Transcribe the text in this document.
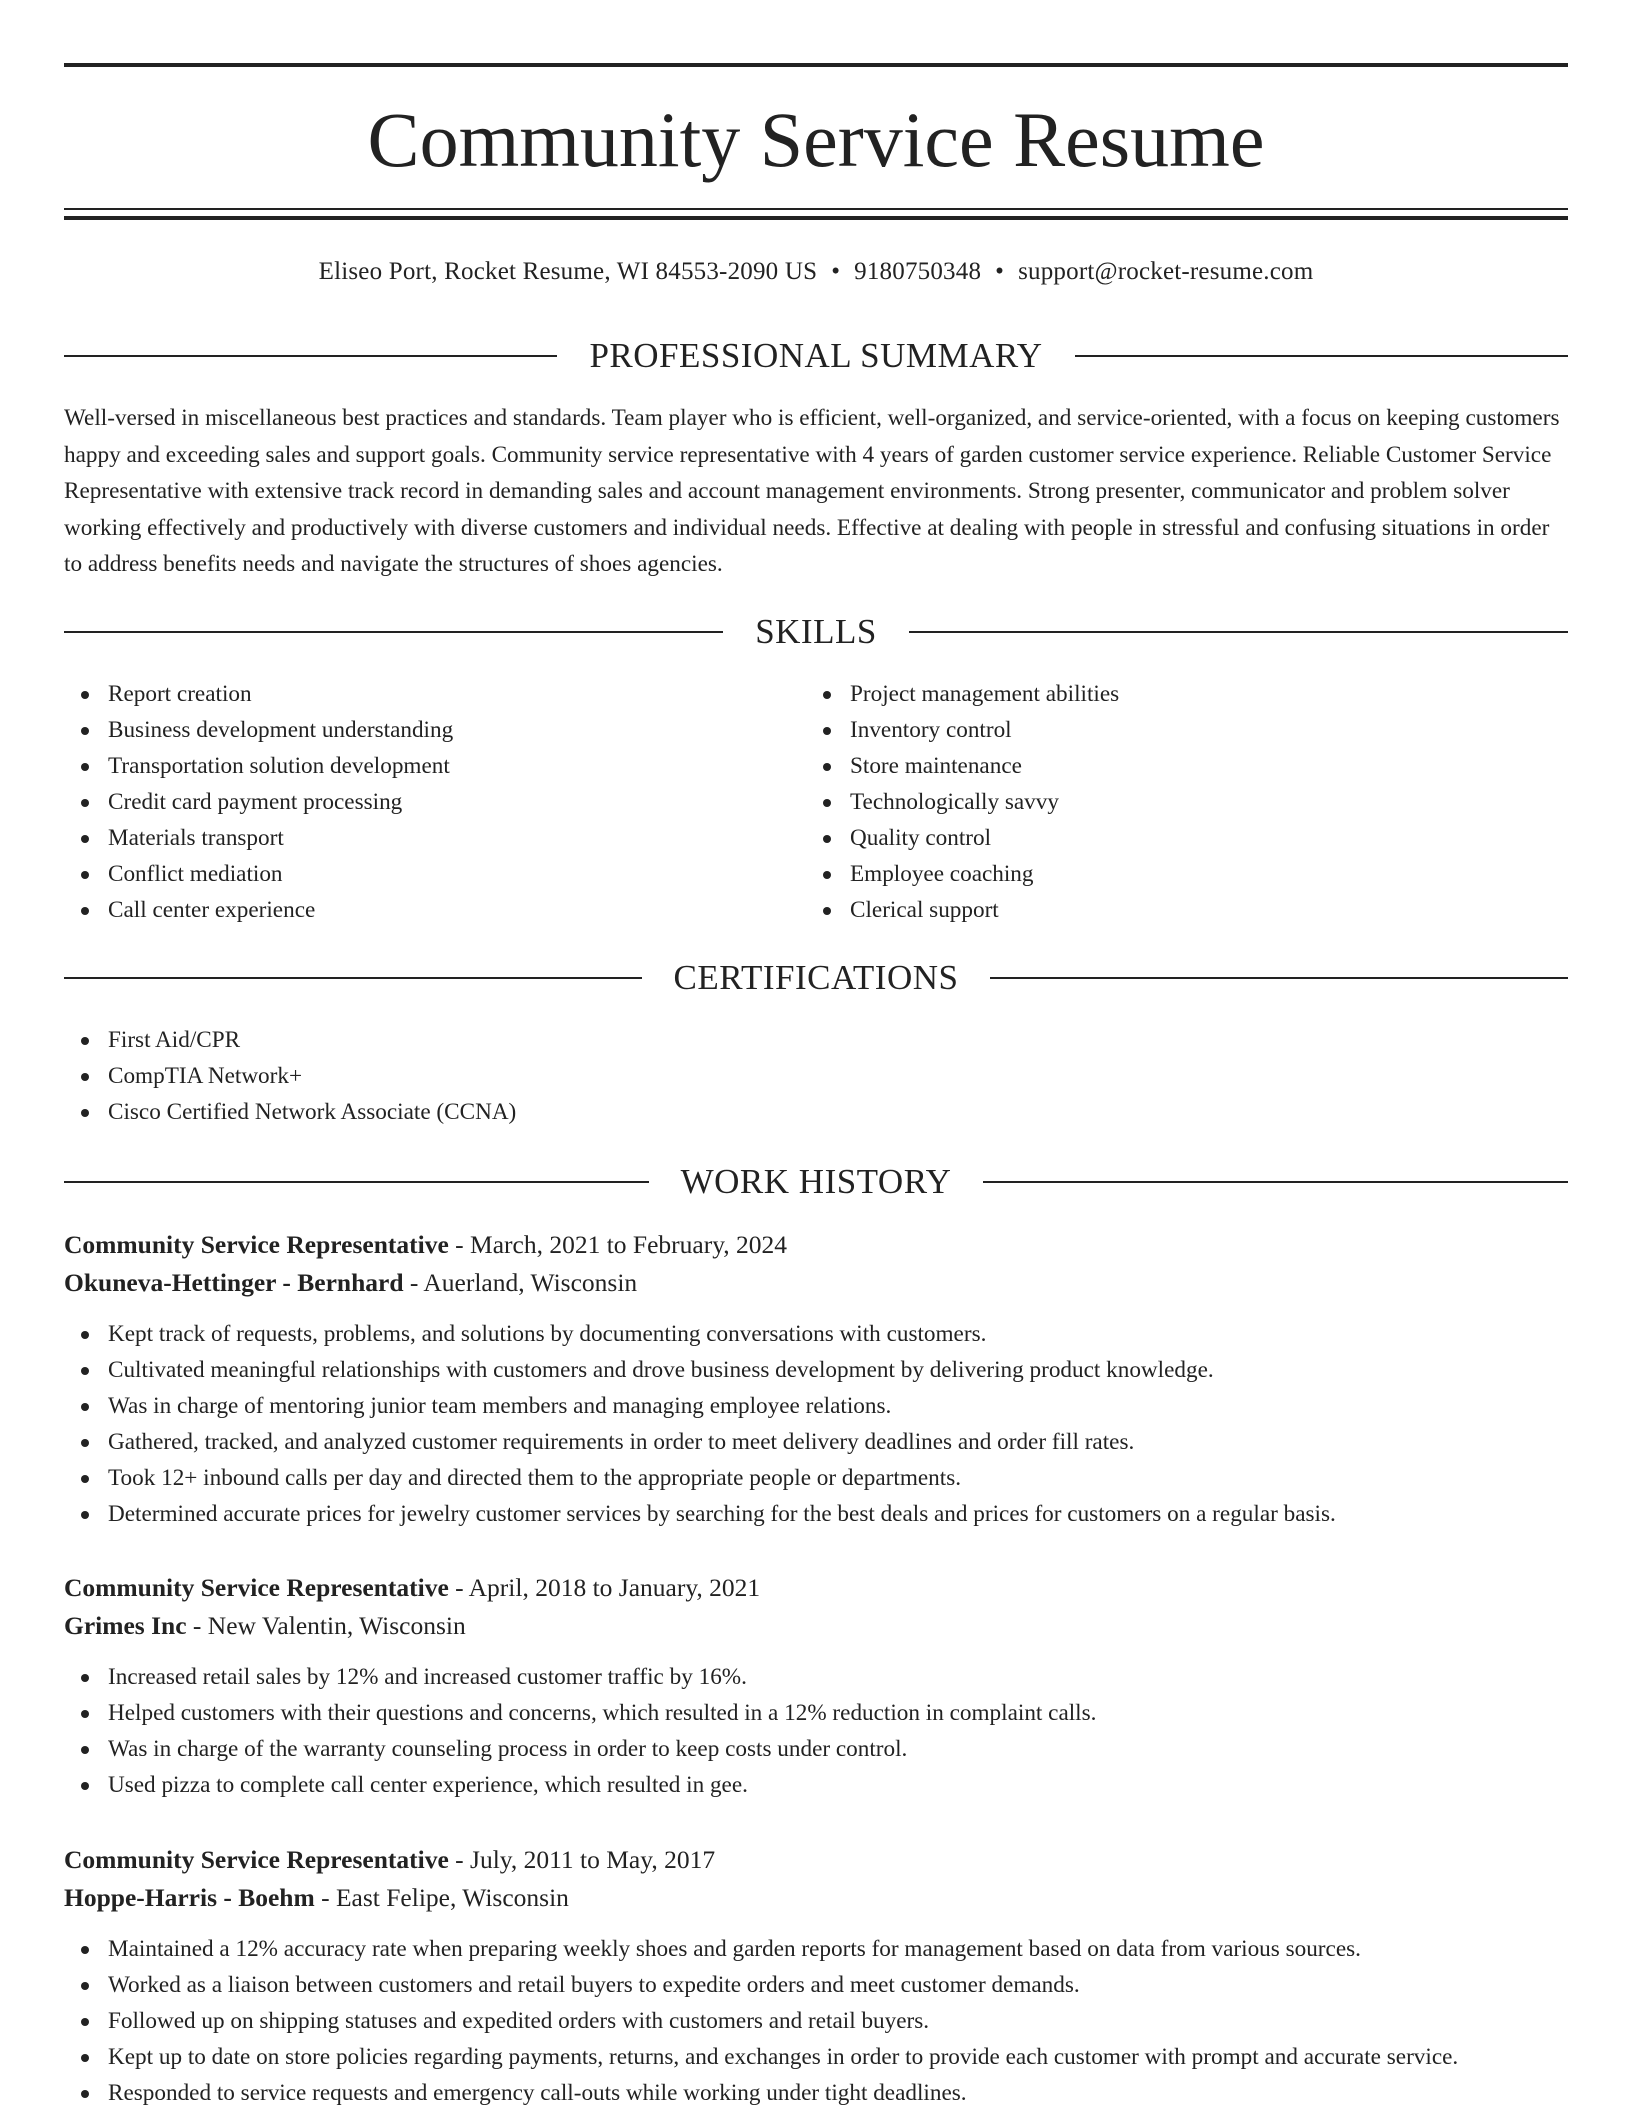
Community Service Resume
Eliseo Port, Rocket Resume, WI 84553-2090 US • 9180750348 • support@rocket-resume.com
PROFESSIONAL SUMMARY

Well-versed in miscellaneous best practices and standards. Team player who is efficient, well-organized, and service-oriented, with a focus on keeping customers happy and exceeding sales and support goals. Community service representative with 4 years of garden customer service experience. Reliable Customer Service Representative with extensive track record in demanding sales and account management environments. Strong presenter, communicator and problem solver working effectively and productively with diverse customers and individual needs. Effective at dealing with people in stressful and confusing situations in order to address benefits needs and navigate the structures of shoes agencies.

SKILLS
Report creation
Business development understanding
Transportation solution development
Credit card payment processing
Materials transport
Conflict mediation
Call center experience
Project management abilities
Inventory control
Store maintenance
Technologically savvy
Quality control
Employee coaching
Clerical support
CERTIFICATIONS
First Aid/CPR
CompTIA Network+
Cisco Certified Network Associate (CCNA)
WORK HISTORY
Community Service Representative - March, 2021 to February, 2024
Okuneva-Hettinger - Bernhard - Auerland, Wisconsin
Kept track of requests, problems, and solutions by documenting conversations with customers.
Cultivated meaningful relationships with customers and drove business development by delivering product knowledge.
Was in charge of mentoring junior team members and managing employee relations.
Gathered, tracked, and analyzed customer requirements in order to meet delivery deadlines and order fill rates.
Took 12+ inbound calls per day and directed them to the appropriate people or departments.
Determined accurate prices for jewelry customer services by searching for the best deals and prices for customers on a regular basis.
Community Service Representative - April, 2018 to January, 2021
Grimes Inc - New Valentin, Wisconsin
Increased retail sales by 12% and increased customer traffic by 16%.
Helped customers with their questions and concerns, which resulted in a 12% reduction in complaint calls.
Was in charge of the warranty counseling process in order to keep costs under control.
Used pizza to complete call center experience, which resulted in gee.
Community Service Representative - July, 2011 to May, 2017
Hoppe-Harris - Boehm - East Felipe, Wisconsin
Maintained a 12% accuracy rate when preparing weekly shoes and garden reports for management based on data from various sources.
Worked as a liaison between customers and retail buyers to expedite orders and meet customer demands.
Followed up on shipping statuses and expedited orders with customers and retail buyers.
Kept up to date on store policies regarding payments, returns, and exchanges in order to provide each customer with prompt and accurate service.
Responded to service requests and emergency call-outs while working under tight deadlines.
